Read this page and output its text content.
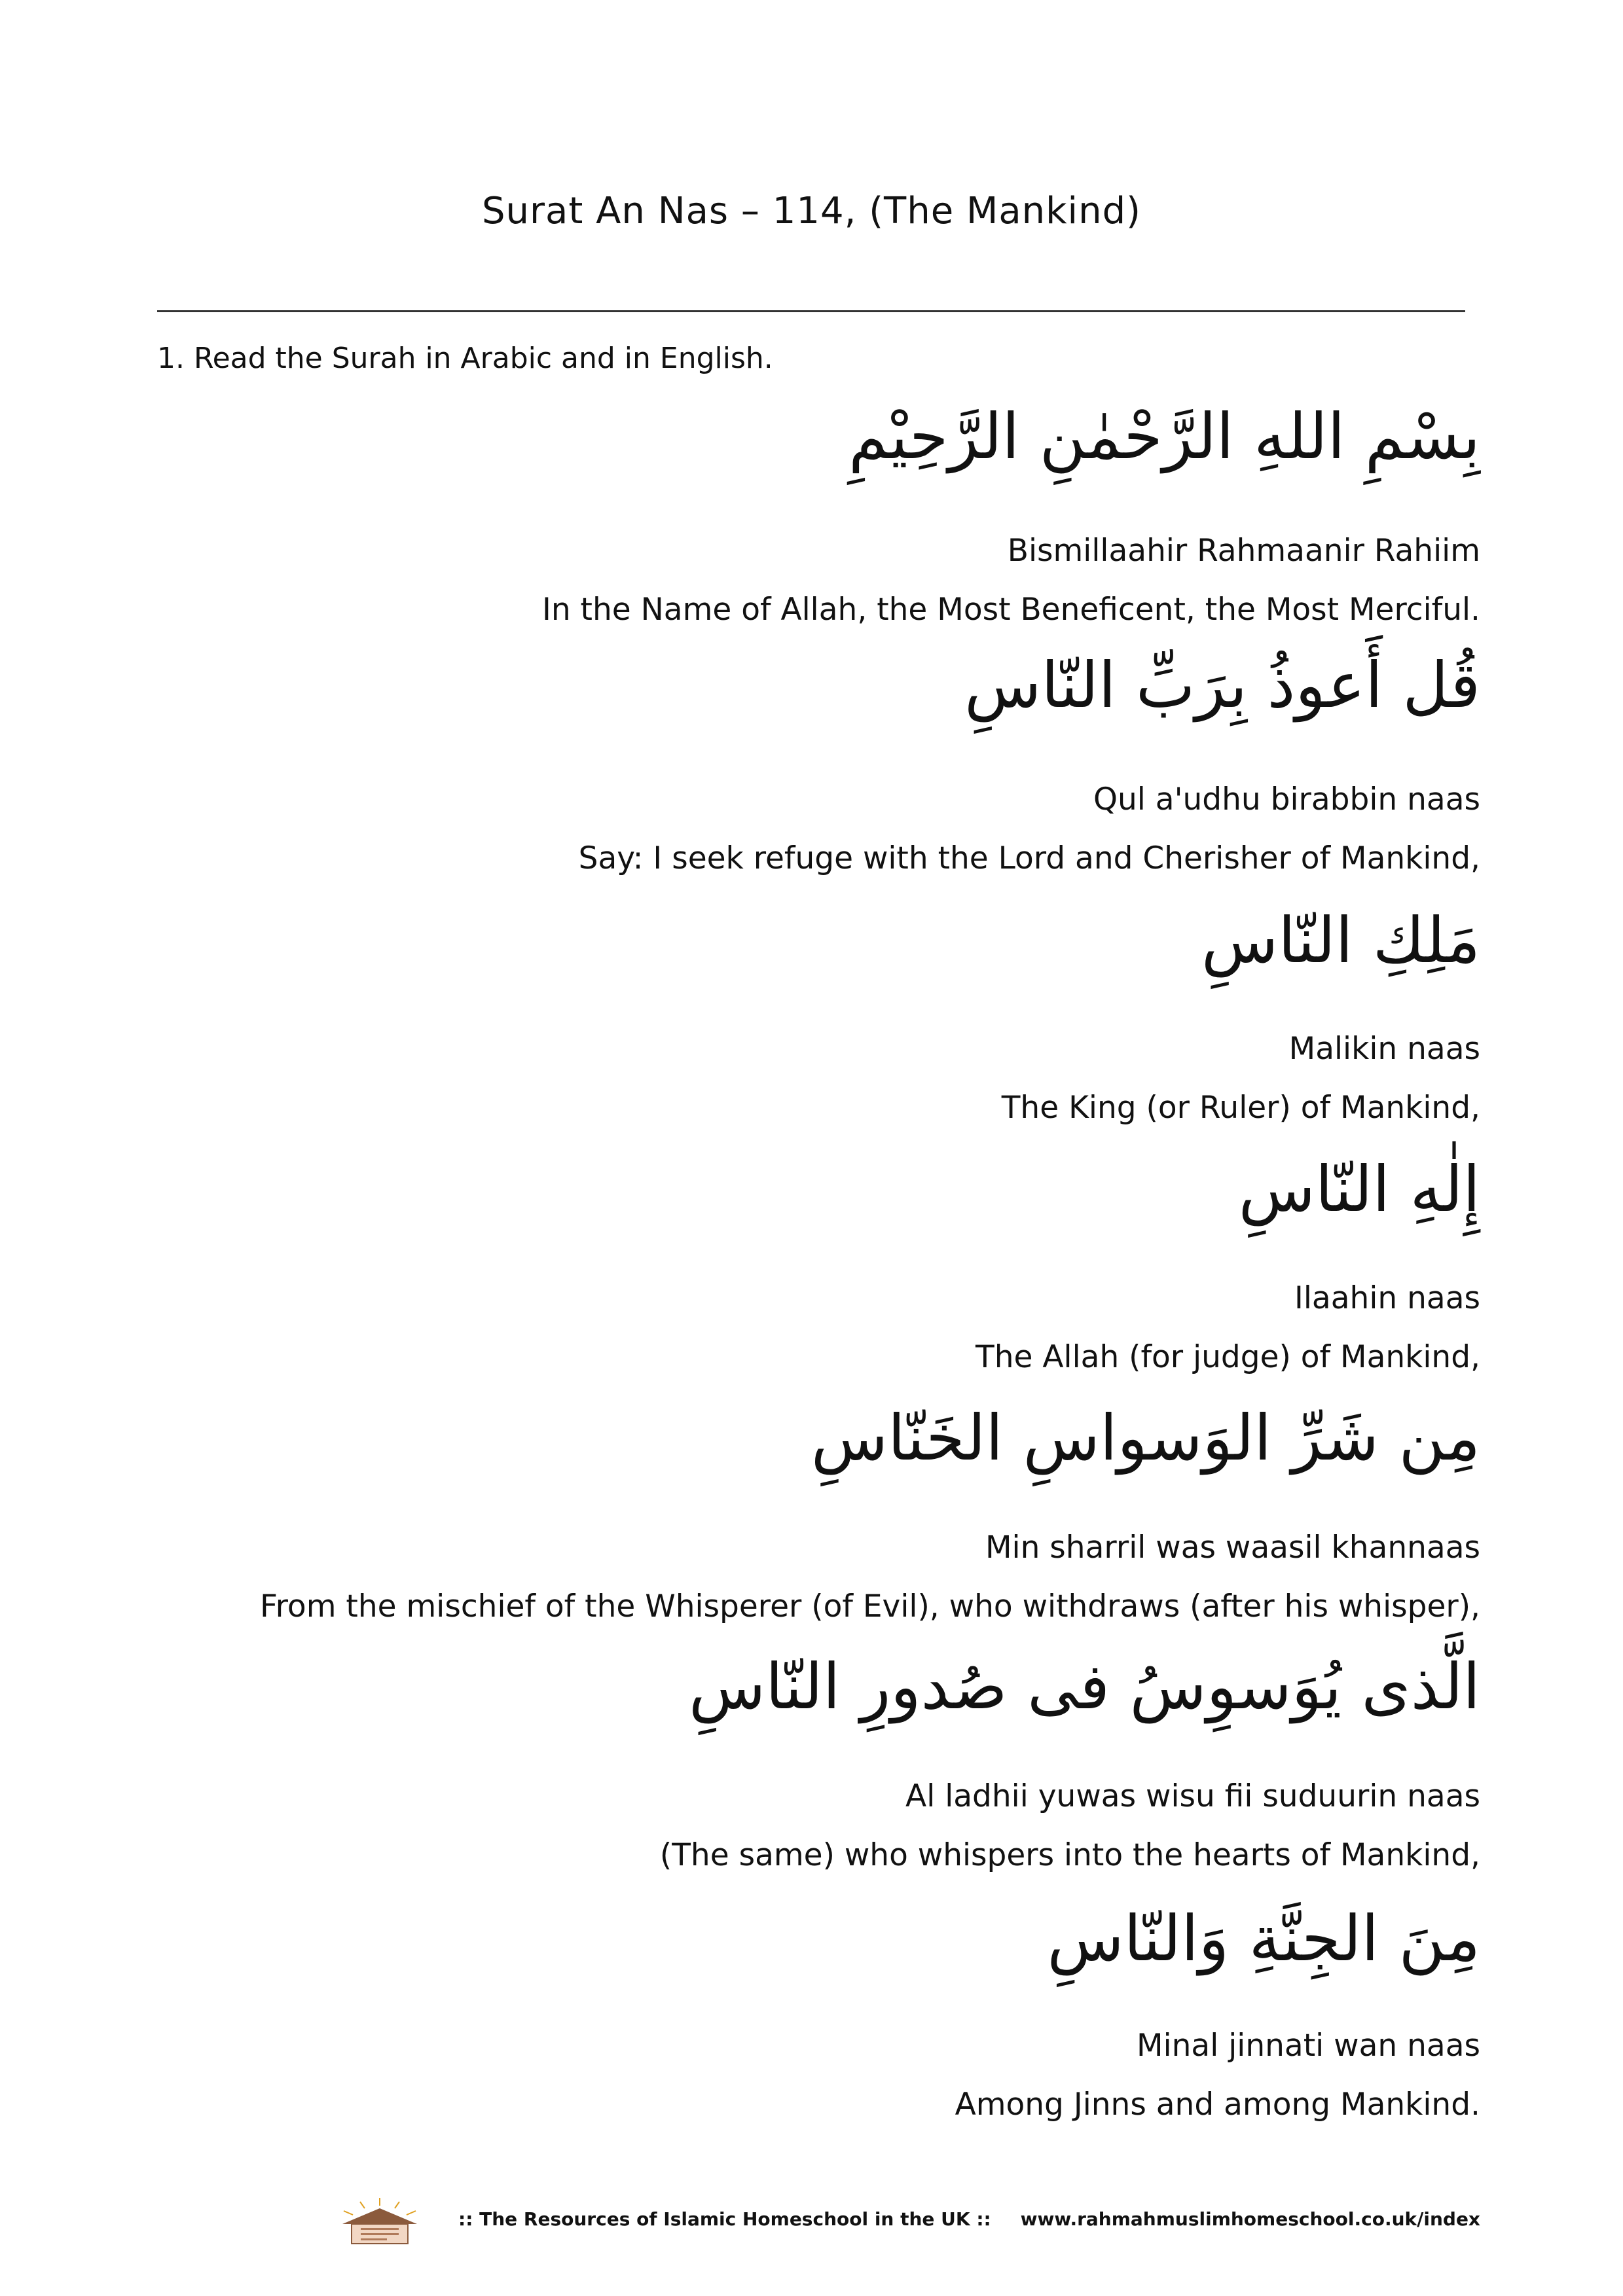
Surat An Nas – 114, (The Mankind)
1. Read the Surah in Arabic and in English.
بِسْمِ اللهِ الرَّحْمٰنِ الرَّحِيْمِ
Bismillaahir Rahmaanir Rahiim
In the Name of Allah, the Most Beneficent, the Most Merciful.
قُل أَعوذُ بِرَبِّ النّاسِ
Qul a'udhu birabbin naas
Say: I seek refuge with the Lord and Cherisher of Mankind,
مَلِكِ النّاسِ
Malikin naas
The King (or Ruler) of Mankind,
إِلٰهِ النّاسِ
Ilaahin naas
The Allah (for judge) of Mankind,
مِن شَرِّ الوَسواسِ الخَنّاسِ
Min sharril was waasil khannaas
From the mischief of the Whisperer (of Evil), who withdraws (after his whisper),
الَّذى يُوَسوِسُ فى صُدورِ النّاسِ
Al ladhii yuwas wisu fii suduurin naas
(The same) who whispers into the hearts of Mankind,
مِنَ الجِنَّةِ وَالنّاسِ
Minal jinnati wan naas
Among Jinns and among Mankind.
:: The Resources of Islamic Homeschool in the UK :: www.rahmahmuslimhomeschool.co.uk/index
